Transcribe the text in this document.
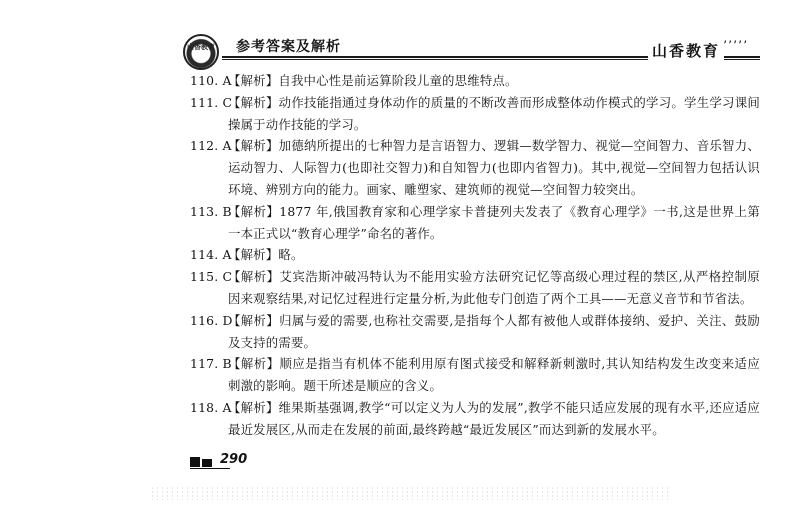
山香教育 参考答案及解析	山香教育 ’’’’’
110. A
【解析】自我中心性是前运算阶段儿童的思维特点。
111. C
【解析】动作技能指通过身体动作的质量的不断改善而形成整体动作模式的学习。学生学习课间操属于动作技能的学习。
112. A
【解析】加德纳所提出的七种智力是言语智力、逻辑—数学智力、视觉—空间智力、音乐智力、运动智力、人际智力(也即社交智力)和自知智力(也即内省智力)。其中,视觉—空间智力包括认识环境、辨别方向的能力。画家、雕塑家、建筑师的视觉—空间智力较突出。
113. B
【解析】1877 年,俄国教育家和心理学家卡普捷列夫发表了《教育心理学》一书,这是世界上第一本正式以“教育心理学”命名的著作。
114. A
【解析】略。
115. C
【解析】艾宾浩斯冲破冯特认为不能用实验方法研究记忆等高级心理过程的禁区,从严格控制原因来观察结果,对记忆过程进行定量分析,为此他专门创造了两个工具——无意义音节和节省法。
116. D
【解析】归属与爱的需要,也称社交需要,是指每个人都有被他人或群体接纳、爱护、关注、鼓励及支持的需要。
117. B
【解析】顺应是指当有机体不能利用原有图式接受和解释新刺激时,其认知结构发生改变来适应刺激的影响。题干所述是顺应的含义。
118. A
【解析】维果斯基强调,教学“可以定义为人为的发展”,教学不能只适应发展的现有水平,还应适应最近发展区,从而走在发展的前面,最终跨越“最近发展区”而达到新的发展水平。
290
